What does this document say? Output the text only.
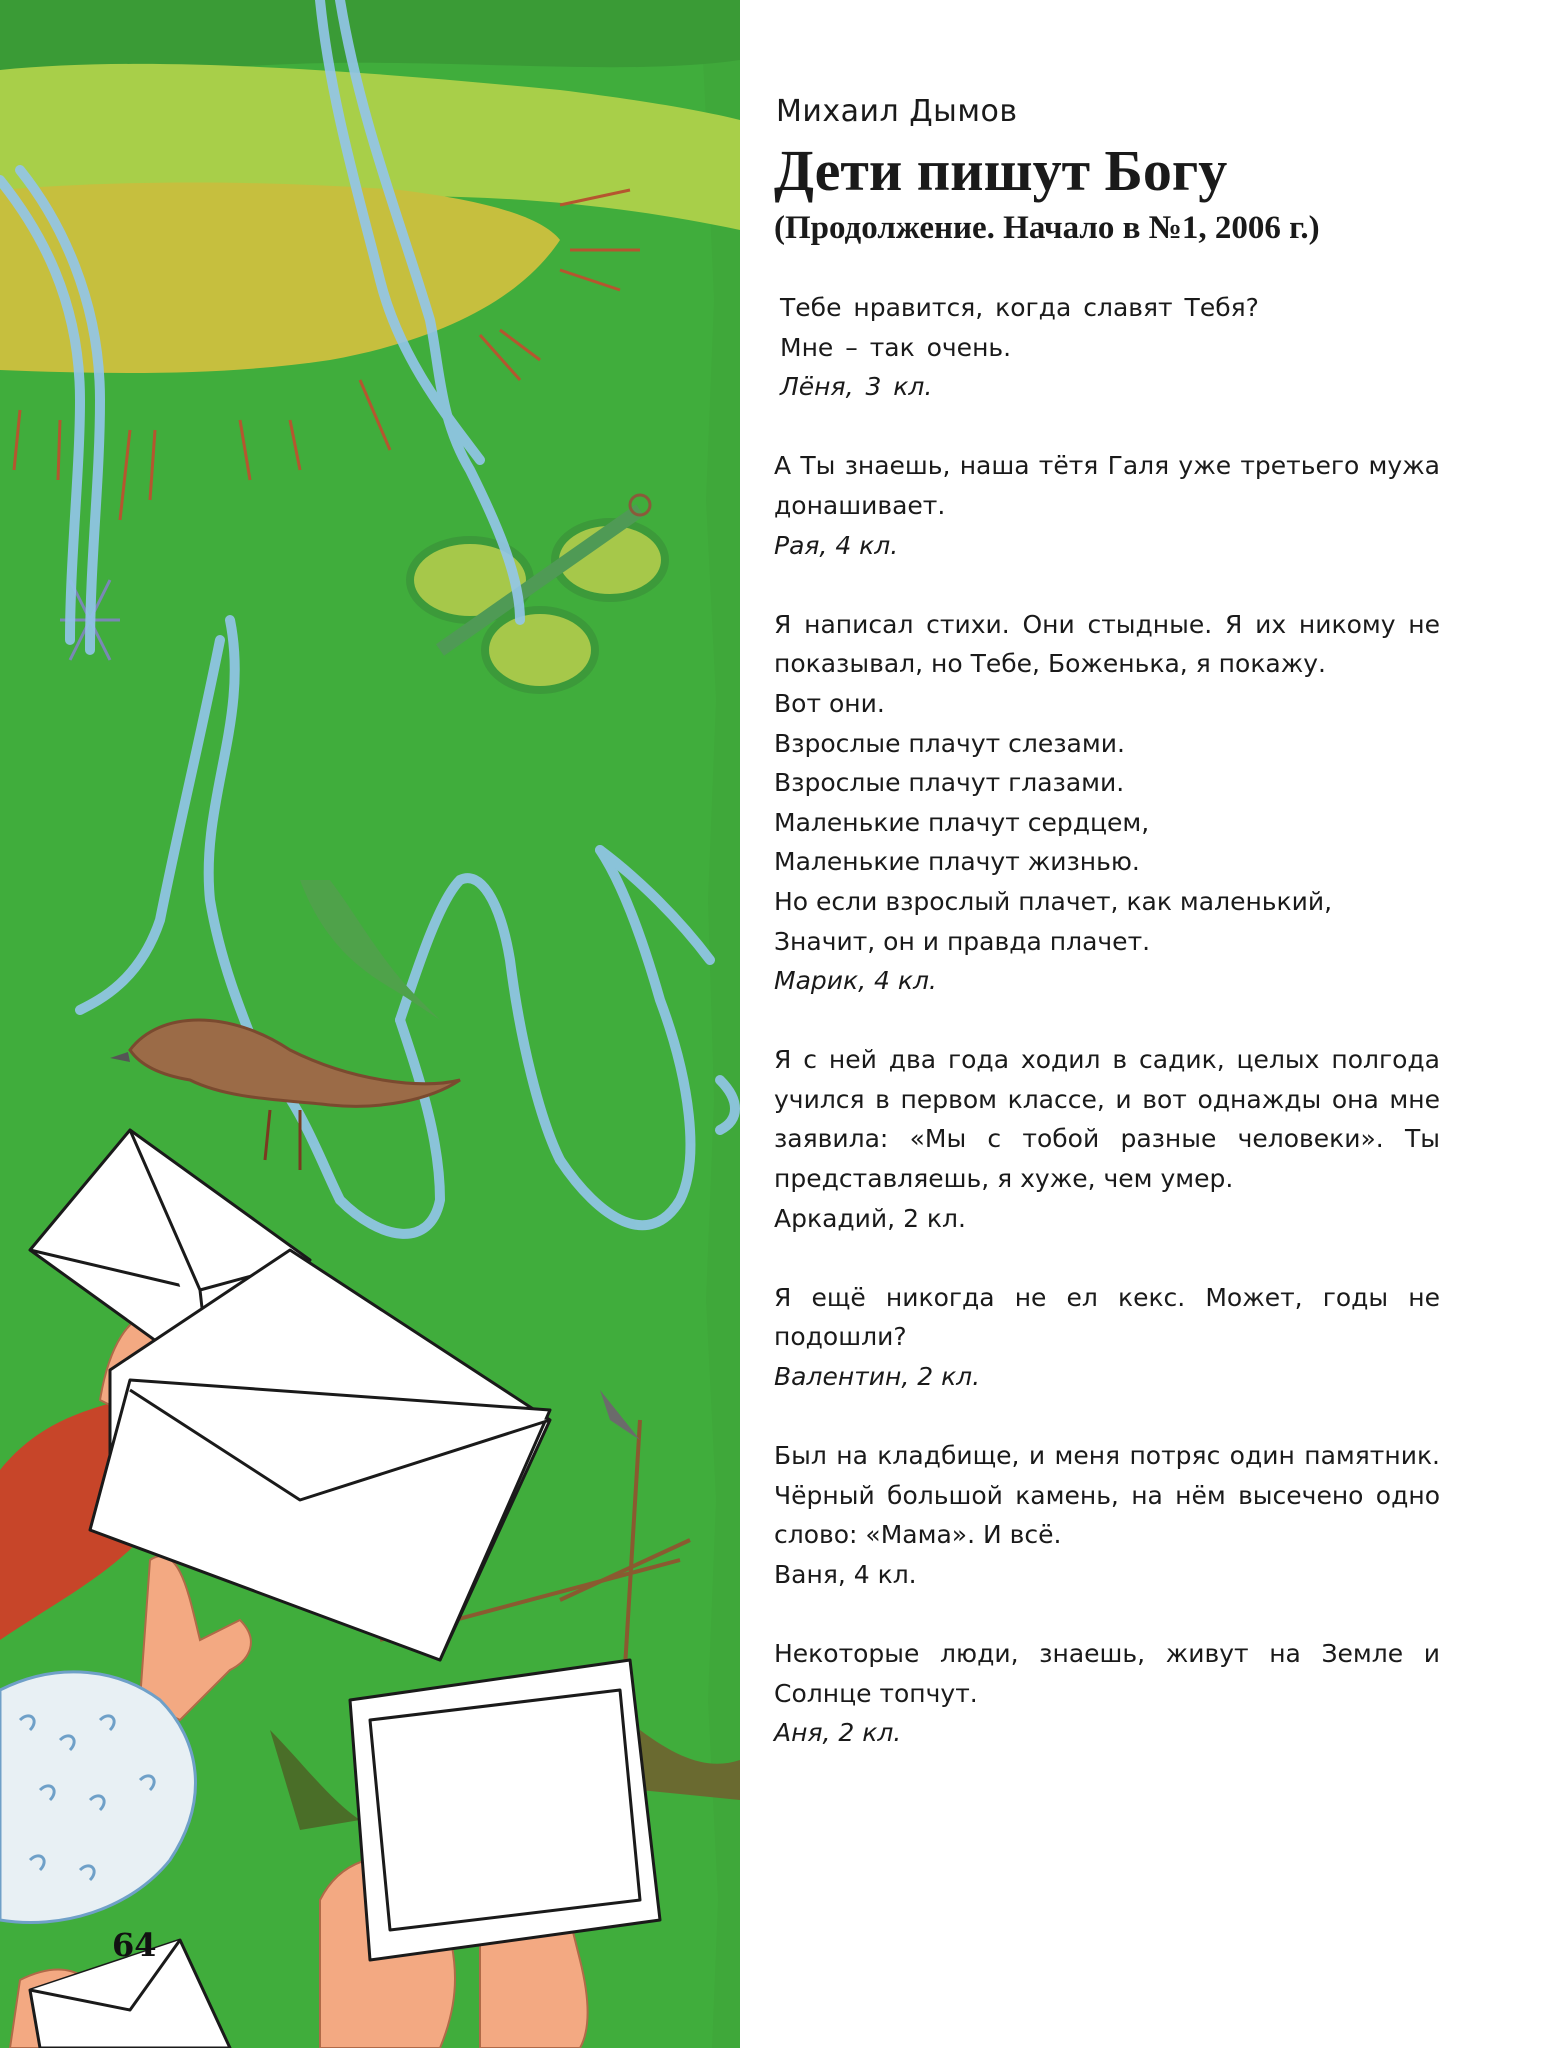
64
Михаил Дымов
Дети пишут Богу
(Продолжение. Начало в №1, 2006 г.)
Тебе нравится, когда славят Тебя?
Мне – так очень.
Лёня, 3 кл.
А Ты знаешь, наша тётя Галя уже третьего мужа донашивает.
Рая, 4 кл.
Я написал стихи. Они стыдные. Я их никому не показывал, но Тебе, Боженька, я покажу.
Вот они.
Взрослые плачут слезами.
Взрослые плачут глазами.
Маленькие плачут сердцем,
Маленькие плачут жизнью.
Но если взрослый плачет, как маленький,
Значит, он и правда плачет.
Марик, 4 кл.
Я с ней два года ходил в садик, целых полгода учился в первом классе, и вот однажды она мне заявила: «Мы с тобой разные человеки». Ты представляешь, я хуже, чем умер.
Аркадий, 2 кл.
Я ещё никогда не ел кекс. Может, годы не подошли?
Валентин, 2 кл.
Был на кладбище, и меня потряс один памятник. Чёрный большой камень, на нём высечено одно слово: «Мама». И всё.
Ваня, 4 кл.
Некоторые люди, знаешь, живут на Земле и Солнце топчут.
Аня, 2 кл.
